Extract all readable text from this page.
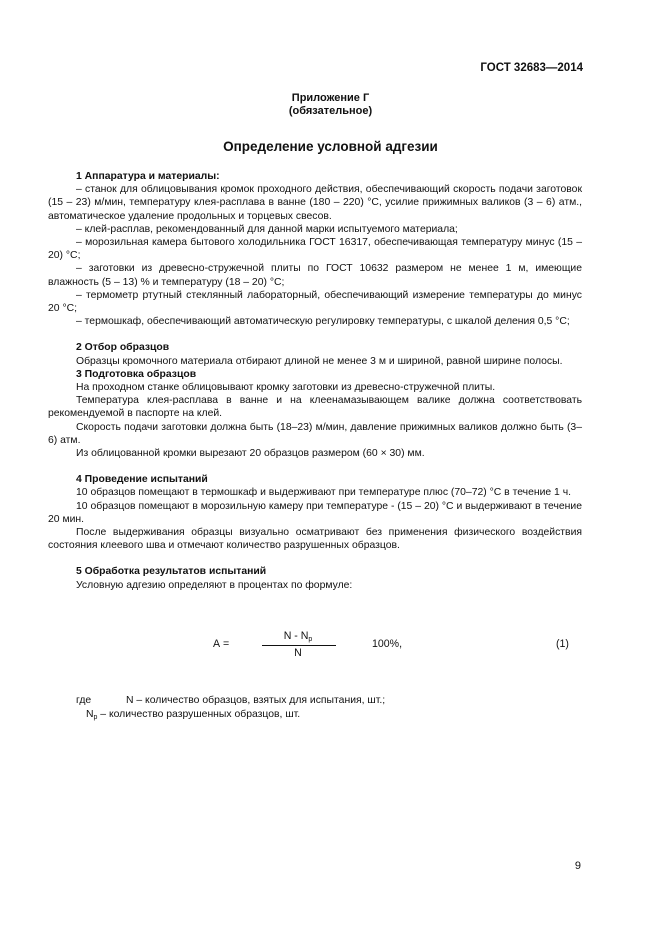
ГОСТ 32683—2014
Приложение Г
(обязательное)
Определение условной адгезии
1 Аппаратура и материалы:

– станок для облицовывания кромок проходного действия, обеспечивающий скорость подачи заготовок (15 – 23) м/мин, температуру клея-расплава в ванне (180 – 220) °С, усилие прижимных валиков (3 – 6) атм., автоматическое удаление продольных и торцевых свесов.

– клей-расплав, рекомендованный для данной марки испытуемого материала;

– морозильная камера бытового холодильника ГОСТ 16317, обеспечивающая температуру минус (15 – 20) °С;

– заготовки из древесно-стружечной плиты по ГОСТ 10632 размером не менее 1 м, имеющие влажность (5 – 13) % и температуру (18 – 20) °С;

– термометр ртутный стеклянный лабораторный, обеспечивающий измерение температуры до минус 20 °С;

– термошкаф, обеспечивающий автоматическую регулировку температуры, с шкалой деления 0,5 °С;

2 Отбор образцов

Образцы кромочного материала отбирают длиной не менее 3 м и шириной, равной ширине полосы.

3 Подготовка образцов

На проходном станке облицовывают кромку заготовки из древесно-стружечной плиты.

Температура клея-расплава в ванне и на клеенамазывающем валике должна соответствовать рекомендуемой в паспорте на клей.

Скорость подачи заготовки должна быть (18–23) м/мин, давление прижимных валиков должно быть (3–6) атм.

Из облицованной кромки вырезают 20 образцов размером (60 × 30) мм.

4 Проведение испытаний

10 образцов помещают в термошкаф и выдерживают при температуре плюс (70–72) °С в течение 1 ч.

10 образцов помещают в морозильную камеру при температуре - (15 – 20) °С и выдерживают в течение 20 мин.

После выдерживания образцы визуально осматривают без применения физического воздействия состояния клеевого шва и отмечают количество разрушенных образцов.

5 Обработка результатов испытаний

Условную адгезию определяют в процентах по формуле:

А =
N - $N_р$
N
100%,	(1)
где	N – количество образцов, взятых для испытания, шт.;
$N_р$ – количество разрушенных образцов, шт.
9
